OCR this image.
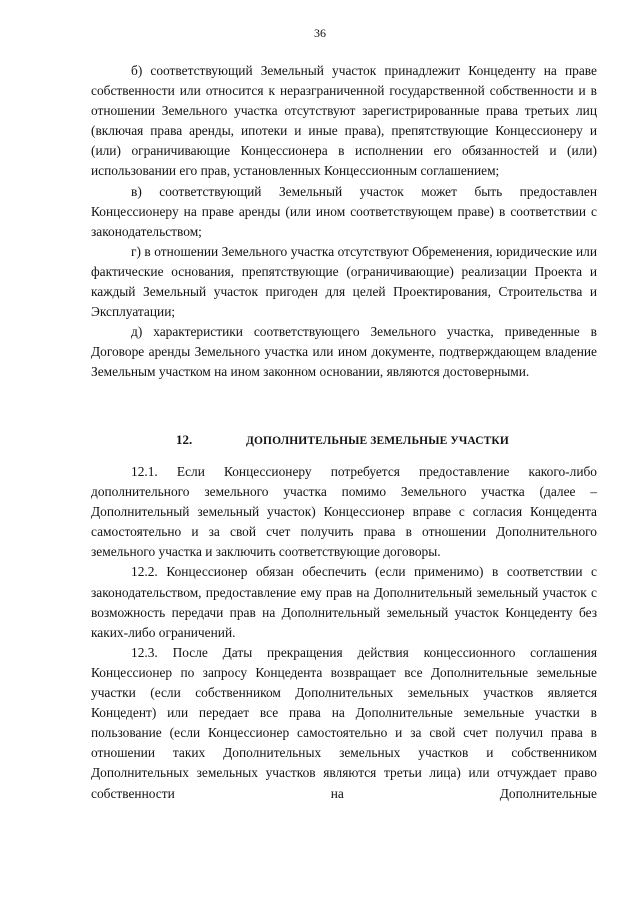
36

б) соответствующий Земельный участок принадлежит Концеденту на праве собственности или относится к неразграниченной государственной собственности и в отношении Земельного участка отсутствуют зарегистрированные права третьих лиц (включая права аренды, ипотеки и иные права), препятствующие Концессионеру и (или) ограничивающие Концессионера в исполнении его обязанностей и (или) использовании его прав, установленных Концессионным соглашением;

в) соответствующий Земельный участок может быть предоставлен Концессионеру на праве аренды (или ином соответствующем праве) в соответствии с законодательством;

г) в отношении Земельного участка отсутствуют Обременения, юридические или фактические основания, препятствующие (ограничивающие) реализации Проекта и каждый Земельный участок пригоден для целей Проектирования, Строительства и Эксплуатации;

д) характеристики соответствующего Земельного участка, приведенные в Договоре аренды Земельного участка или ином документе, подтверждающем владение Земельным участком на ином законном основании, являются достоверными.

12.	ДОПОЛНИТЕЛЬНЫЕ ЗЕМЕЛЬНЫЕ УЧАСТКИ

12.1. Если Концессионеру потребуется предоставление какого-либо дополнительного земельного участка помимо Земельного участка (далее – Дополнительный земельный участок) Концессионер вправе с согласия Концедента самостоятельно и за свой счет получить права в отношении Дополнительного земельного участка и заключить соответствующие договоры.

12.2. Концессионер обязан обеспечить (если применимо) в соответствии с законодательством, предоставление ему прав на Дополнительный земельный участок с возможность передачи прав на Дополнительный земельный участок Концеденту без каких-либо ограничений.

12.3. После Даты прекращения действия концессионного соглашения Концессионер по запросу Концедента возвращает все Дополнительные земельные участки (если собственником Дополнительных земельных участков является Концедент) или передает все права на Дополнительные земельные участки в пользование (если Концессионер самостоятельно и за свой счет получил права в отношении таких Дополнительных земельных участков и собственником Дополнительных земельных участков являются третьи лица) или отчуждает право собственности на Дополнительные
